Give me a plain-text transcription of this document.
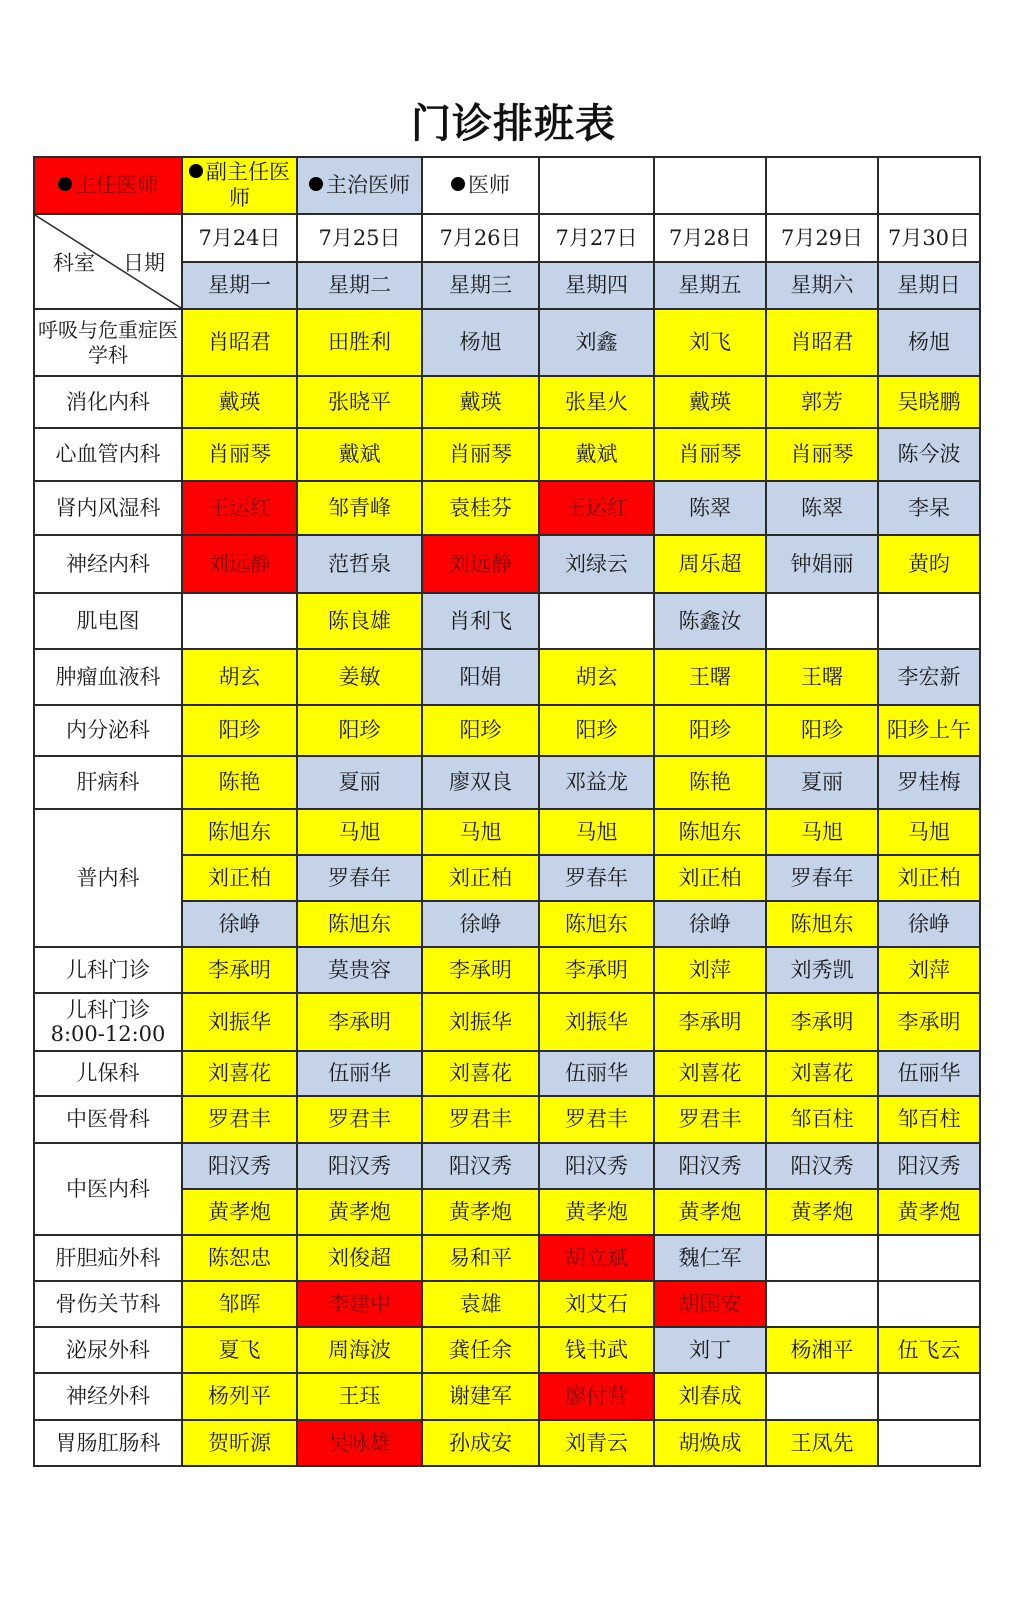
门诊排班表
主任医师	副主任医师	主治医师	医师				

科室 日期	7月24日	7月25日	7月26日	7月27日	7月28日	7月29日	7月30日
	星期一	星期二	星期三	星期四	星期五	星期六	星期日
呼吸与危重症医学科	肖昭君	田胜利	杨旭	刘鑫	刘飞	肖昭君	杨旭
消化内科	戴瑛	张晓平	戴瑛	张星火	戴瑛	郭芳	吴晓鹏
心血管内科	肖丽琴	戴斌	肖丽琴	戴斌	肖丽琴	肖丽琴	陈今波
肾内风湿科	王运红	邹青峰	袁桂芬	王运红	陈翠	陈翠	李杲
神经内科	刘远静	范哲泉	刘远静	刘绿云	周乐超	钟娟丽	黄昀
肌电图		陈良雄	肖利飞		陈鑫汝		
肿瘤血液科	胡玄	姜敏	阳娟	胡玄	王曙	王曙	李宏新
内分泌科	阳珍	阳珍	阳珍	阳珍	阳珍	阳珍	阳珍上午
肝病科	陈艳	夏丽	廖双良	邓益龙	陈艳	夏丽	罗桂梅
普内科	陈旭东	马旭	马旭	马旭	陈旭东	马旭	马旭
	刘正柏	罗春年	刘正柏	罗春年	刘正柏	罗春年	刘正柏
	徐峥	陈旭东	徐峥	陈旭东	徐峥	陈旭东	徐峥
儿科门诊	李承明	莫贵容	李承明	李承明	刘萍	刘秀凯	刘萍
儿科门诊
8:00-12:00	刘振华	李承明	刘振华	刘振华	李承明	李承明	李承明
儿保科	刘喜花	伍丽华	刘喜花	伍丽华	刘喜花	刘喜花	伍丽华
中医骨科	罗君丰	罗君丰	罗君丰	罗君丰	罗君丰	邹百柱	邹百柱
中医内科	阳汉秀	阳汉秀	阳汉秀	阳汉秀	阳汉秀	阳汉秀	阳汉秀
	黄孝炮	黄孝炮	黄孝炮	黄孝炮	黄孝炮	黄孝炮	黄孝炮
肝胆疝外科	陈恕忠	刘俊超	易和平	胡立斌	魏仁军		
骨伤关节科	邹晖	李建中	袁雄	刘艾石	胡国安		
泌尿外科	夏飞	周海波	龚任余	钱书武	刘丁	杨湘平	伍飞云
神经外科	杨列平	王珏	谢建军	廖付营	刘春成		
胃肠肛肠科	贺昕源	吴咏雄	孙成安	刘青云	胡焕成	王凤先	
